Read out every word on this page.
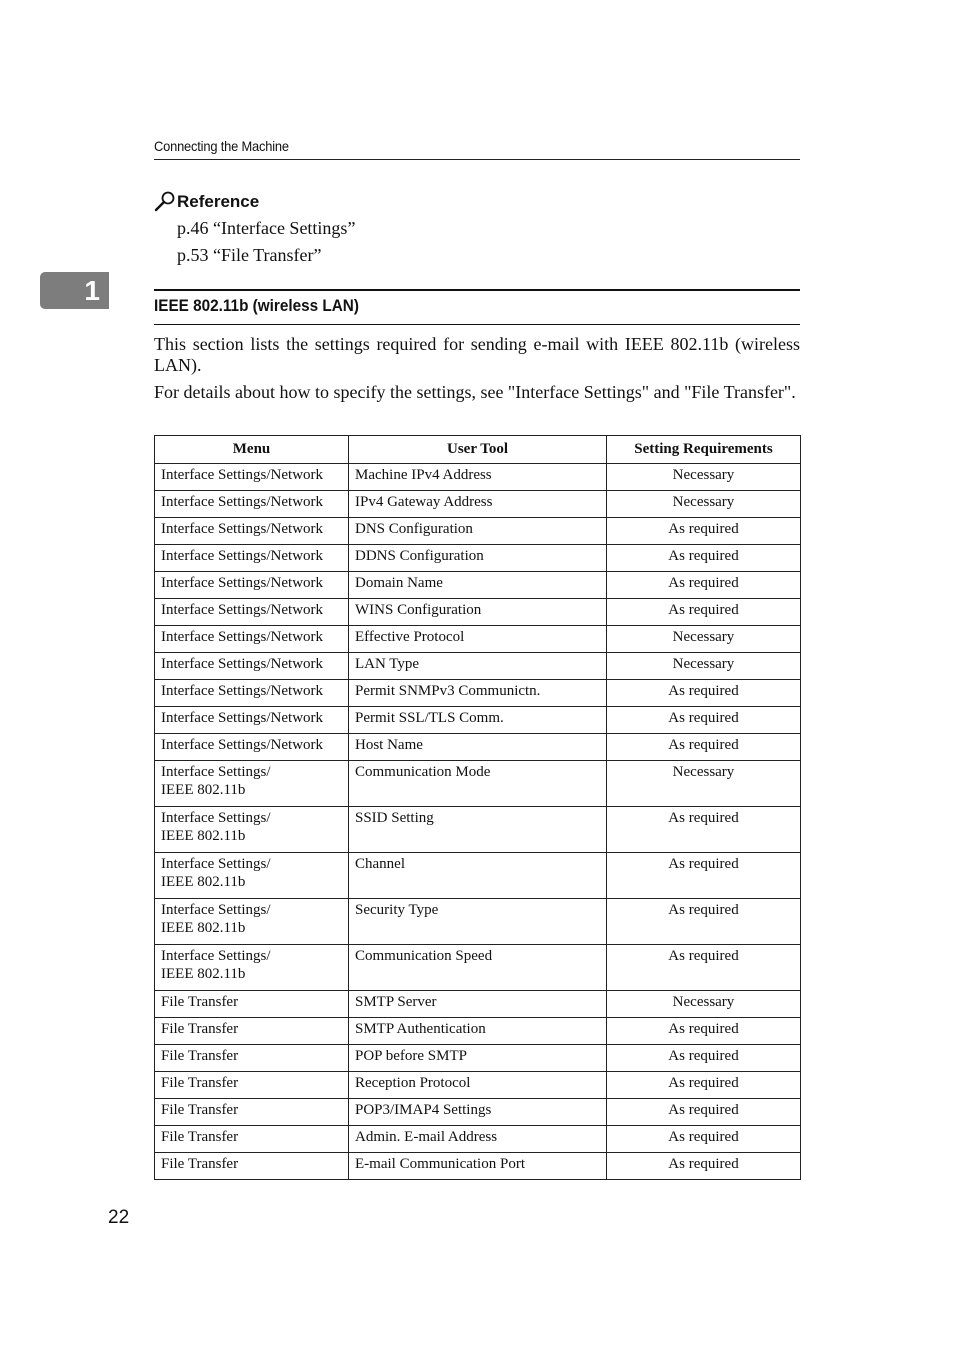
Connecting the Machine
Reference
p.46 “Interface Settings”
p.53 “File Transfer”
1	IEEE 802.11b (wireless LAN)
This section lists the settings required for sending e-mail with IEEE 802.11b (wireless LAN).
For details about how to specify the settings, see "Interface Settings" and "File Transfer".
Menu	User Tool	Setting Requirements

Interface Settings/Network	Machine IPv4 Address	Necessary

Interface Settings/Network	IPv4 Gateway Address	Necessary

Interface Settings/Network	DNS Configuration	As required

Interface Settings/Network	DDNS Configuration	As required

Interface Settings/Network	Domain Name	As required

Interface Settings/Network	WINS Configuration	As required

Interface Settings/Network	Effective Protocol	Necessary

Interface Settings/Network	LAN Type	Necessary

Interface Settings/Network	Permit SNMPv3 Communictn.	As required

Interface Settings/Network	Permit SSL/TLS Comm.	As required

Interface Settings/Network	Host Name	As required

Interface Settings/
IEEE 802.11b	Communication Mode	Necessary

Interface Settings/
IEEE 802.11b	SSID Setting	As required

Interface Settings/
IEEE 802.11b	Channel	As required

Interface Settings/
IEEE 802.11b	Security Type	As required

Interface Settings/
IEEE 802.11b	Communication Speed	As required

File Transfer	SMTP Server	Necessary

File Transfer	SMTP Authentication	As required

File Transfer	POP before SMTP	As required

File Transfer	Reception Protocol	As required

File Transfer	POP3/IMAP4 Settings	As required

File Transfer	Admin. E-mail Address	As required

File Transfer	E-mail Communication Port	As required
22
